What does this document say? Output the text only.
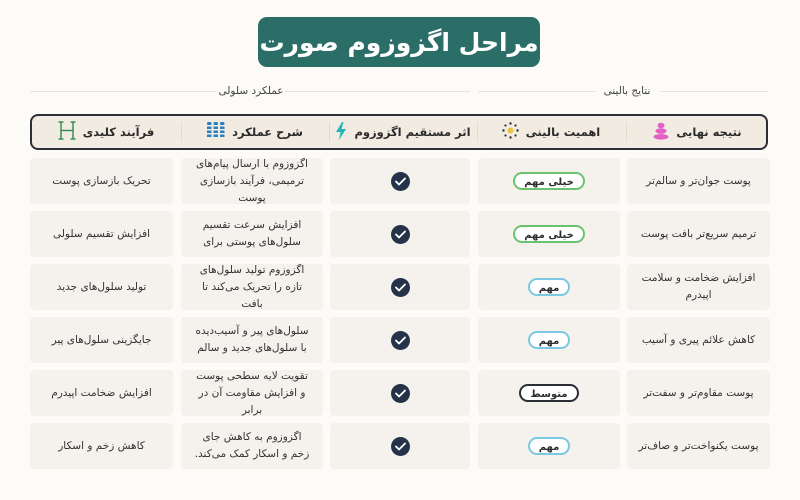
مراحل اگزوزوم صورت
نتایج بالینی
عملکرد سلولی
نتیجه نهایی
اهمیت بالینی
اثر مستقیم اگزوزوم
شرح عملکرد
فرآیند کلیدی
پوست جوان‌تر و سالم‌تر
خیلی مهم
اگزوزوم با ارسال پیام‌های ترمیمی، فرآیند بازسازی پوست
تحریک بازسازی پوست
ترمیم سریع‌تر بافت پوست
خیلی مهم
افزایش سرعت تقسیم سلول‌های پوستی برای
افزایش تقسیم سلولی
افزایش ضخامت و سلامت اپیدرم
مهم
اگزوزوم تولید سلول‌های تازه را تحریک می‌کند تا بافت
تولید سلول‌های جدید
کاهش علائم پیری و آسیب
مهم
سلول‌های پیر و آسیب‌دیده با سلول‌های جدید و سالم
جایگزینی سلول‌های پیر
پوست مقاوم‌تر و سفت‌تر
متوسط
تقویت لایه سطحی پوست و افزایش مقاومت آن در برابر
افزایش ضخامت اپیدرم
پوست یکنواخت‌تر و صاف‌تر
مهم
اگزوزوم به کاهش جای زخم و اسکار کمک می‌کند.
کاهش زخم و اسکار
